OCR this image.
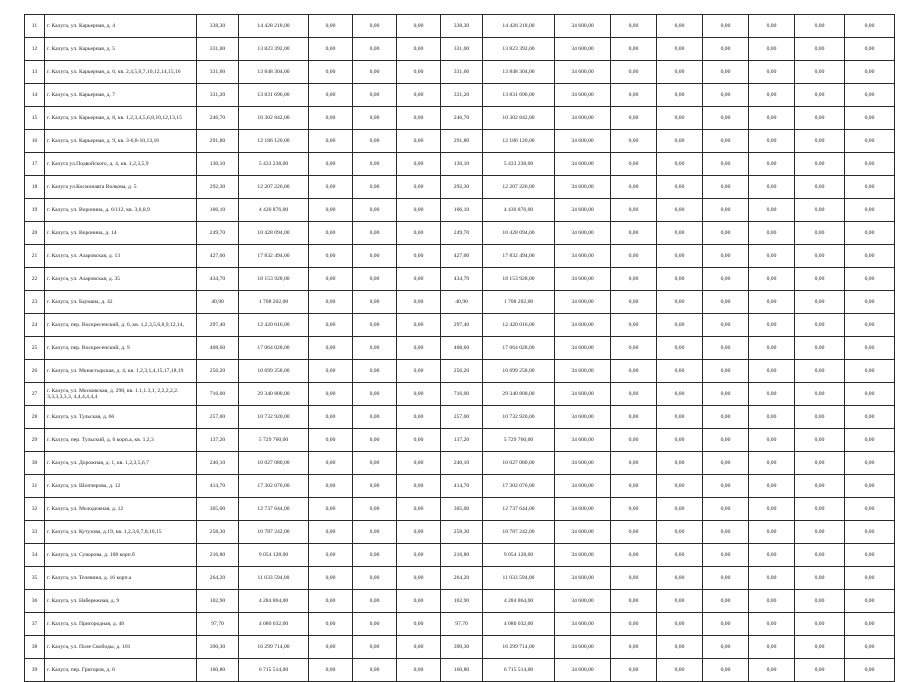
11	г. Калуга, ул. Карьерная, д. 4	338,30	14 428 218,00	0,00	0,00	0,00	338,30	14 428 218,00	34 600,00	0,00	0,00	0,00	0,00	0,00	0,00
12	г. Калуга, ул. Карьерная, д. 5	331,00	13 823 392,00	0,00	0,00	0,00	331,00	13 823 392,00	34 600,00	0,00	0,00	0,00	0,00	0,00	0,00
13	г. Калуга, ул. Карьерная, д. 6, кв. 2,4,5,6,7,10,12,14,15,16	331,60	13 848 304,00	0,00	0,00	0,00	331,60	13 848 304,00	34 600,00	0,00	0,00	0,00	0,00	0,00	0,00
14	г. Калуга, ул. Карьерная, д. 7	331,20	13 831 696,00	0,00	0,00	0,00	331,20	13 831 696,00	34 600,00	0,00	0,00	0,00	0,00	0,00	0,00
15	г. Калуга, ул. Карьерная, д. 8, кв. 1,2,3,4,5,6,8,10,12,13,15	246,70	10 302 842,00	0,00	0,00	0,00	246,70	10 302 842,00	34 600,00	0,00	0,00	0,00	0,00	0,00	0,00
16	г. Калуга, ул. Карьерная, д. 9, кв. 3-6,8-10,13,16	291,80	12 186 120,00	0,00	0,00	0,00	291,80	12 186 120,00	34 600,00	0,00	0,00	0,00	0,00	0,00	0,00
17	г. Калуга ул.Подвойского, д. 4, кв. 1,2,3,5,9	130,10	5 433 238,00	0,00	0,00	0,00	130,10	5 433 238,00	34 600,00	0,00	0,00	0,00	0,00	0,00	0,00
18	г. Калуга ул.Космонавта Волкова, д. 5	292,30	12 207 226,00	0,00	0,00	0,00	292,30	12 207 226,00	34 600,00	0,00	0,00	0,00	0,00	0,00	0,00
19	г. Калуга, ул. Воронина, д. 6/112, кв. 3,6,8,9	106,10	4 430 876,00	0,00	0,00	0,00	106,10	4 430 876,00	34 600,00	0,00	0,00	0,00	0,00	0,00	0,00
20	г. Калуга, ул. Воронина, д. 14	249,70	10 428 094,00	0,00	0,00	0,00	249,70	10 428 094,00	34 600,00	0,00	0,00	0,00	0,00	0,00	0,00
21	г. Калуга, ул. Азаровская, д. 13	427,00	17 832 494,00	0,00	0,00	0,00	427,00	17 832 494,00	34 600,00	0,00	0,00	0,00	0,00	0,00	0,00
22	г. Калуга, ул. Азаровская, д. 35	434,70	18 153 928,00	0,00	0,00	0,00	434,70	18 153 928,00	34 600,00	0,00	0,00	0,00	0,00	0,00	0,00
23	г. Калуга, ул. Баумана, д. 42	40,90	1 708 202,00	0,00	0,00	0,00	40,90	1 708 202,00	34 600,00	0,00	0,00	0,00	0,00	0,00	0,00
24	г. Калуга, пер. Воскресенский, д. 6, кв. 1,2,3,5,6,8,9,12,14,	297,40	12 420 016,00	0,00	0,00	0,00	297,40	12 420 016,00	34 600,00	0,00	0,00	0,00	0,00	0,00	0,00
25	г. Калуга, пер. Воскресенский, д. 9	408,60	17 064 028,00	0,00	0,00	0,00	408,60	17 064 028,00	34 600,00	0,00	0,00	0,00	0,00	0,00	0,00
26	г. Калуга, ул. Монастырская, д. 4, кв. 1,2,3,1,4,15,17,18,19	256,20	10 699 258,00	0,00	0,00	0,00	256,20	10 699 258,00	34 600,00	0,00	0,00	0,00	0,00	0,00	0,00
27	г. Калуга, ул. Московская, д. 298, кв. 1.1,1.3,1, 2,2,2,2,2. 3,3,3,3,3,3, 4,4,4,4,4,4	716,00	29 340 800,00	0,00	0,00	0,00	716,00	29 340 800,00	34 600,00	0,00	0,00	0,00	0,00	0,00	0,00
28	г. Калуга, ул. Тульская, д. 66	257,00	10 732 920,00	0,00	0,00	0,00	257,00	10 732 920,00	34 600,00	0,00	0,00	0,00	0,00	0,00	0,00
29	г. Калуга, пер. Тульский, д. 6 корп.а, кв. 1,2,3	137,20	5 729 760,00	0,00	0,00	0,00	137,20	5 729 760,00	34 600,00	0,00	0,00	0,00	0,00	0,00	0,00
30	г. Калуга, ул. Дорожная, д. 1, кв. 1,2,3,5,6,7	240,10	10 027 080,00	0,00	0,00	0,00	240,10	10 027 080,00	34 600,00	0,00	0,00	0,00	0,00	0,00	0,00
31	г. Калуга, ул. Шопчерова, д. 12	414,70	17 302 076,00	0,00	0,00	0,00	414,70	17 302 076,00	34 600,00	0,00	0,00	0,00	0,00	0,00	0,00
32	г. Калуга, ул. Молодежная, д. 12	305,00	12 737 644,00	0,00	0,00	0,00	305,00	12 737 644,00	34 600,00	0,00	0,00	0,00	0,00	0,00	0,00
33	г. Калуга, ул. Кутузова, д.19, кв. 1,2,3,6,7,8,10,15	258,30	10 787 242,00	0,00	0,00	0,00	258,30	10 787 242,00	34 600,00	0,00	0,00	0,00	0,00	0,00	0,00
34	г. Калуга, ул. Суворова, д. 108 корп.б	216,80	9 054 128,00	0,00	0,00	0,00	216,80	9 054 128,00	34 600,00	0,00	0,00	0,00	0,00	0,00	0,00
35	г. Калуга, ул. Телевина, д. 16 корп.а	264,20	11 033 594,00	0,00	0,00	0,00	264,20	11 033 594,00	34 600,00	0,00	0,00	0,00	0,00	0,00	0,00
36	г. Калуга, ул. Набережная, д. 9	102,90	4 284 864,00	0,00	0,00	0,00	102,90	4 284 864,00	34 600,00	0,00	0,00	0,00	0,00	0,00	0,00
37	г. Калуга, ул. Пригородная, д. 48	97,70	4 080 032,00	0,00	0,00	0,00	97,70	4 080 032,00	34 600,00	0,00	0,00	0,00	0,00	0,00	0,00
38	г. Калуга, ул. Поле Свободы, д. 101	390,30	16 299 714,00	0,00	0,00	0,00	390,30	16 299 714,00	34 600,00	0,00	0,00	0,00	0,00	0,00	0,00
39	г. Калуга, пер. Григоров, д. 6	160,80	6 715 514,00	0,00	0,00	0,00	160,80	6 715 514,00	34 600,00	0,00	0,00	0,00	0,00	0,00	0,00
